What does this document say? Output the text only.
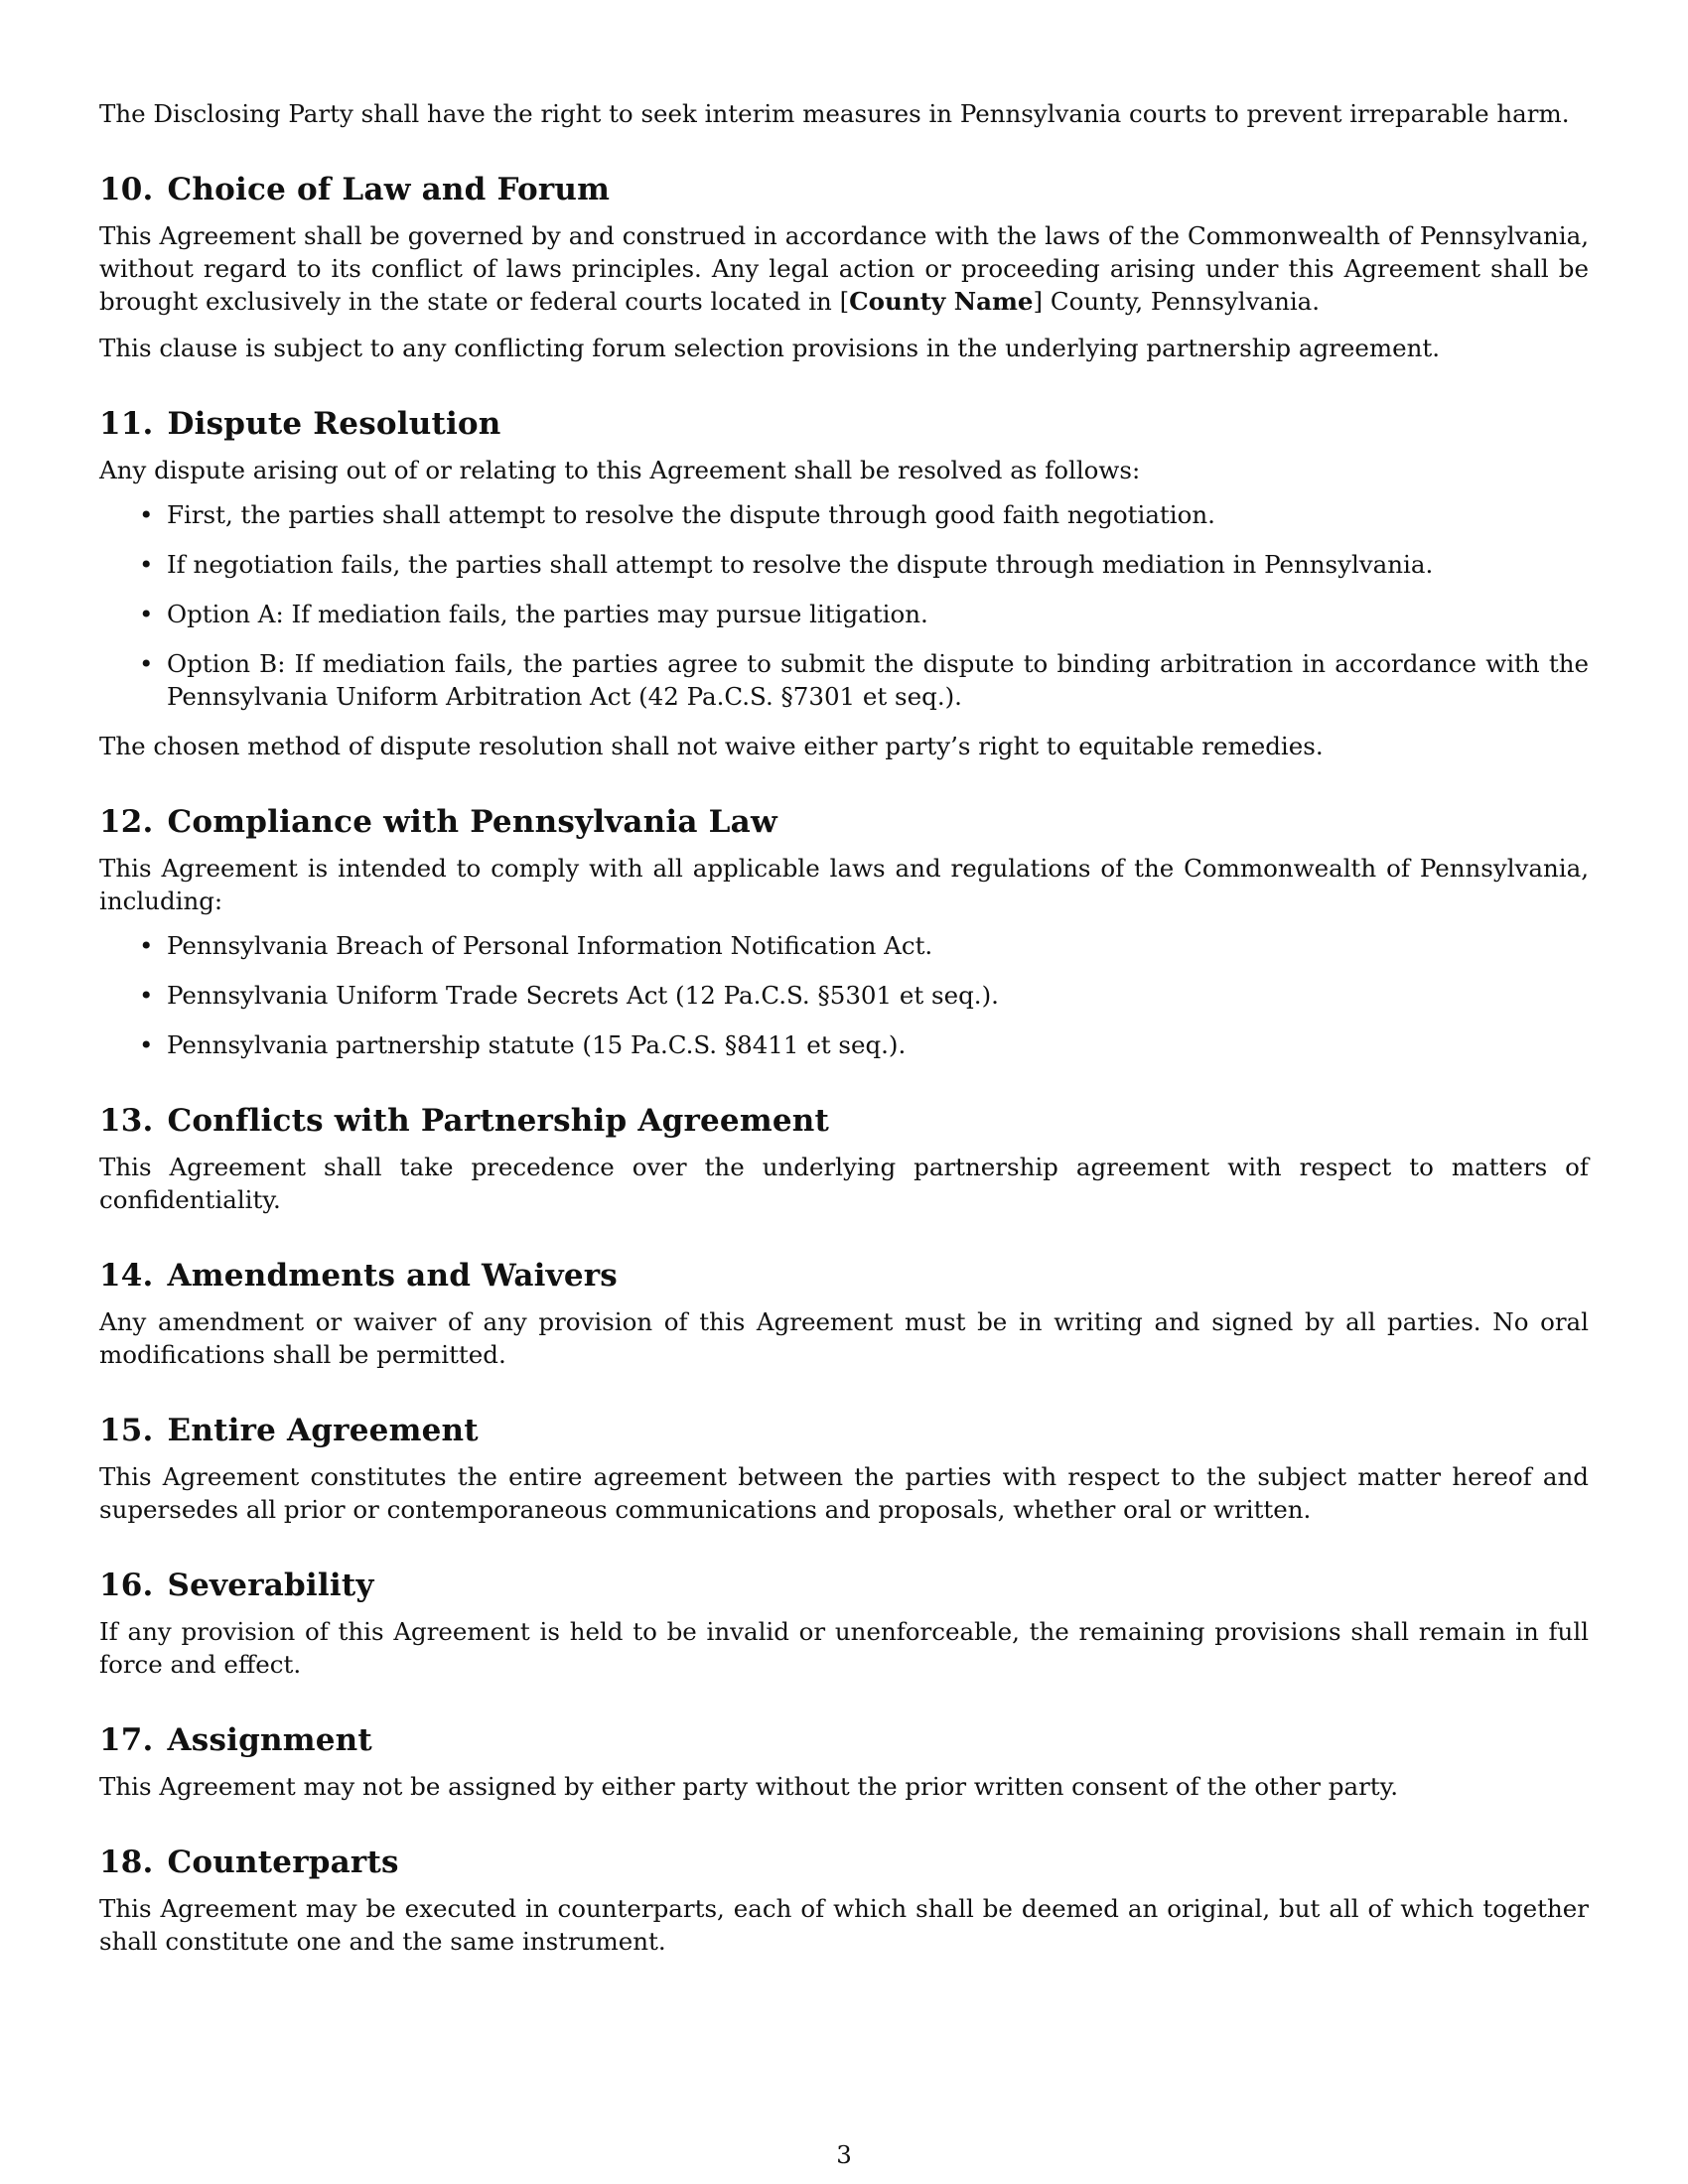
The Disclosing Party shall have the right to seek interim measures in Pennsylvania courts to prevent irreparable harm.

10. Choice of Law and Forum

This Agreement shall be governed by and construed in accordance with the laws of the Commonwealth of Pennsylvania, without regard to its conflict of laws principles. Any legal action or proceeding arising under this Agreement shall be brought exclusively in the state or federal courts located in [County Name] County, Pennsylvania.

This clause is subject to any conflicting forum selection provisions in the underlying partnership agreement.

11. Dispute Resolution

Any dispute arising out of or relating to this Agreement shall be resolved as follows:

• First, the parties shall attempt to resolve the dispute through good faith negotiation.
• If negotiation fails, the parties shall attempt to resolve the dispute through mediation in Pennsylvania.
• Option A: If mediation fails, the parties may pursue litigation.
• Option B: If mediation fails, the parties agree to submit the dispute to binding arbitration in accordance with the Pennsylvania Uniform Arbitration Act (42 Pa.C.S. §7301 et seq.).

The chosen method of dispute resolution shall not waive either party’s right to equitable remedies.

12. Compliance with Pennsylvania Law

This Agreement is intended to comply with all applicable laws and regulations of the Commonwealth of Pennsylvania, including:

• Pennsylvania Breach of Personal Information Notification Act.
• Pennsylvania Uniform Trade Secrets Act (12 Pa.C.S. §5301 et seq.).
• Pennsylvania partnership statute (15 Pa.C.S. §8411 et seq.).
13. Conflicts with Partnership Agreement

This Agreement shall take precedence over the underlying partnership agreement with respect to matters of confidentiality.

14. Amendments and Waivers

Any amendment or waiver of any provision of this Agreement must be in writing and signed by all parties. No oral modifications shall be permitted.

15. Entire Agreement

This Agreement constitutes the entire agreement between the parties with respect to the subject matter hereof and supersedes all prior or contemporaneous communications and proposals, whether oral or written.

16. Severability

If any provision of this Agreement is held to be invalid or unenforceable, the remaining provisions shall remain in full force and effect.

17. Assignment

This Agreement may not be assigned by either party without the prior written consent of the other party.

18. Counterparts

This Agreement may be executed in counterparts, each of which shall be deemed an original, but all of which together shall constitute one and the same instrument.

3
